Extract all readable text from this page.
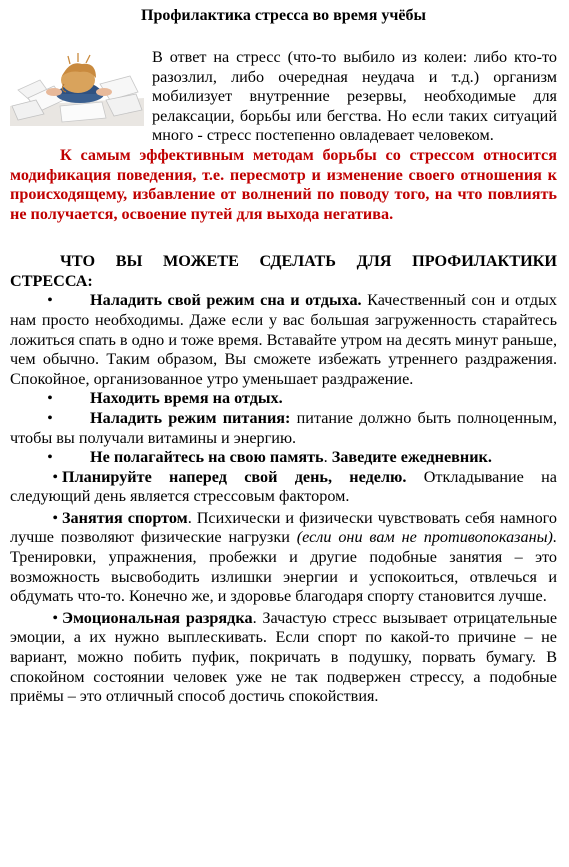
Профилактика стресса во время учёбы

В ответ на стресс (что-то выбило из колеи: либо кто-то разозлил, либо очередная неудача и т.д.) организм мобилизует внутренние резервы, необходимые для релаксации, борьбы или бегства. Но если таких ситуаций много - стресс постепенно овладевает человеком.

К самым эффективным методам борьбы со стрессом относится модификация поведения, т.е. пересмотр и изменение своего отношения к происходящему, избавление от волнений по поводу того, на что повлиять не получается, освоение путей для выхода негатива.

ЧТО ВЫ МОЖЕТЕ СДЕЛАТЬ ДЛЯ ПРОФИЛАКТИКИ СТРЕССА:

• Наладить свой режим сна и отдыха. Качественный сон и отдых нам просто необходимы. Даже если у вас большая загруженность старайтесь ложиться спать в одно и тоже время. Вставайте утром на десять минут раньше, чем обычно. Таким образом, Вы сможете избежать утреннего раздражения. Спокойное, организованное утро уменьшает раздражение.

• Находить время на отдых.

• Наладить режим питания: питание должно быть полноценным, чтобы вы получали витамины и энергию.

• Не полагайтесь на свою память. Заведите ежедневник.

• Планируйте наперед свой день, неделю. Откладывание на следующий день является стрессовым фактором.

• Занятия спортом. Психически и физически чувствовать себя намного лучше позволяют физические нагрузки (если они вам не противопоказаны). Тренировки, упражнения, пробежки и другие подобные занятия – это возможность высвободить излишки энергии и успокоиться, отвлечься и обдумать что-то. Конечно же, и здоровье благодаря спорту становится лучше.

• Эмоциональная разрядка. Зачастую стресс вызывает отрицательные эмоции, а их нужно выплескивать. Если спорт по какой-то причине – не вариант, можно побить пуфик, покричать в подушку, порвать бумагу. В спокойном состоянии человек уже не так подвержен стрессу, а подобные приёмы – это отличный способ достичь спокойствия.
